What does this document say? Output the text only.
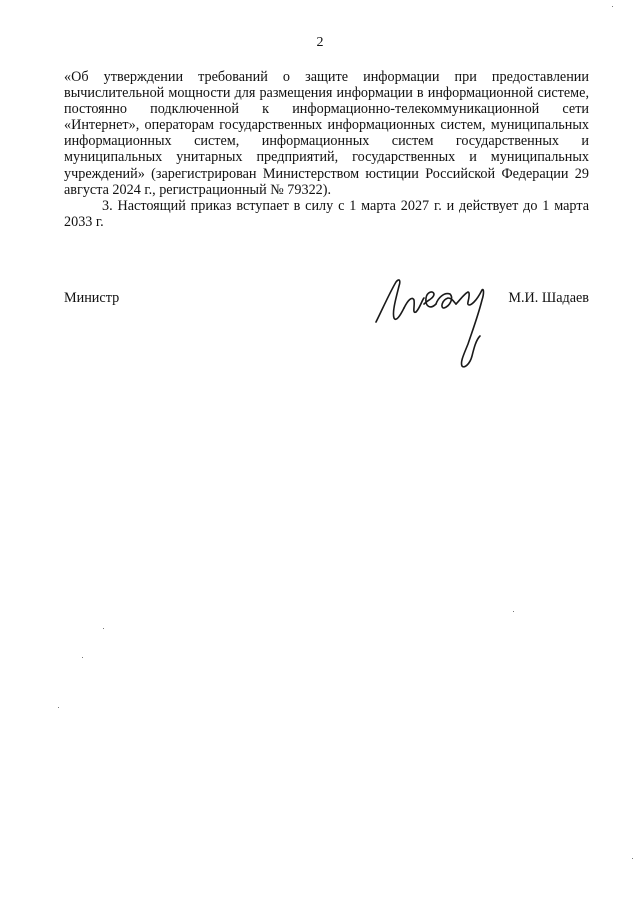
2

«Об утверждении требований о защите информации при предоставлении вычислительной мощности для размещения информации в информационной системе, постоянно подключенной к информационно-телекоммуникационной сети «Интернет», операторам государственных информационных систем, муниципальных информационных систем, информационных систем государственных и муниципальных унитарных предприятий, государственных и муниципальных учреждений» (зарегистрирован Министерством юстиции Российской Федерации 29 августа 2024 г., регистрационный № 79322).

3. Настоящий приказ вступает в силу с 1 марта 2027 г. и действует до 1 марта 2033 г.

Министр	М.И. Шадаев
